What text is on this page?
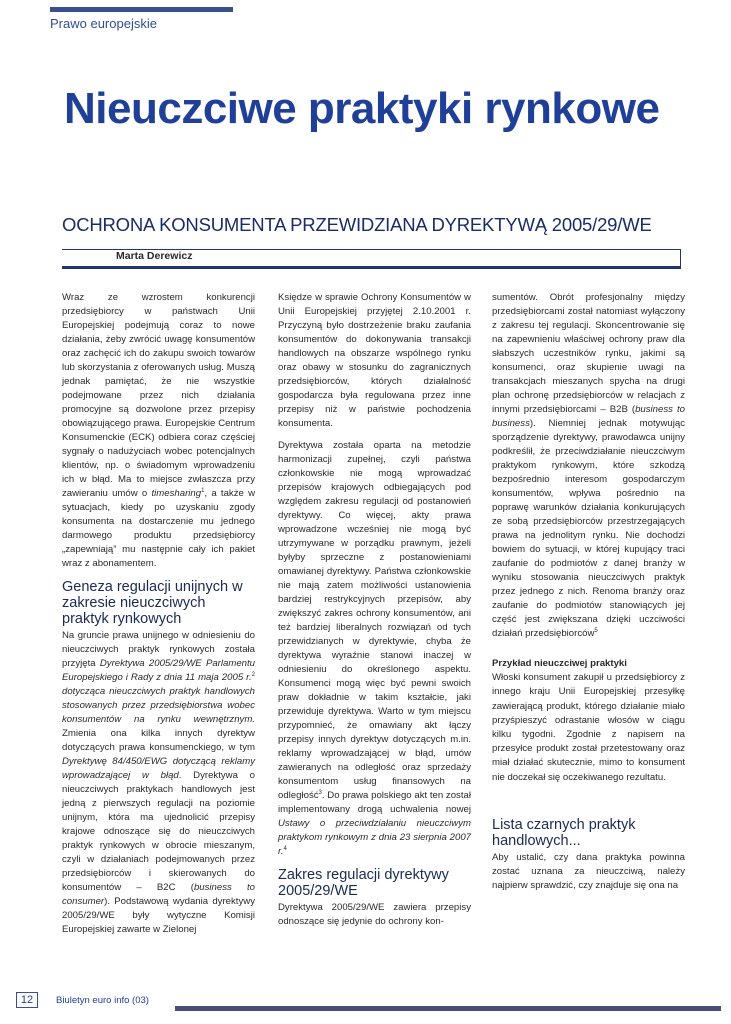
Prawo europejskie
Nieuczciwe praktyki rynkowe
OCHRONA KONSUMENTA PRZEWIDZIANA DYREKTYWĄ 2005/29/WE
Marta Derewicz

Wraz ze wzrostem konkurencji przedsiębiorcy w państwach Unii Europejskiej podejmują coraz to nowe działania, żeby zwrócić uwagę konsumentów oraz zachęcić ich do zakupu swoich towarów lub skorzystania z oferowanych usług. Muszą jednak pamiętać, że nie wszystkie podejmowane przez nich działania promocyjne są dozwolone przez przepisy obowiązującego prawa. Europejskie Centrum Konsumenckie (ECK) odbiera coraz częściej sygnały o nadużyciach wobec potencjalnych klientów, np. o świadomym wprowadzeniu ich w błąd. Ma to miejsce zwłaszcza przy zawieraniu umów o timesharing$^1$, a także w sytuacjach, kiedy po uzyskaniu zgody konsumenta na dostarczenie mu jednego darmowego produktu przedsiębiorcy „zapewniają” mu następnie cały ich pakiet wraz z abonamentem.

Geneza regulacji unijnych w zakresie nieuczciwych praktyk rynkowych

Na gruncie prawa unijnego w odniesieniu do nieuczciwych praktyk rynkowych została przyjęta Dyrektywa 2005/29/WE Parlamentu Europejskiego i Rady z dnia 11 maja 2005 r.$^2$ dotycząca nieuczciwych praktyk handlowych stosowanych przez przedsiębiorstwa wobec konsumentów na rynku wewnętrznym. Zmienia ona kilka innych dyrektyw dotyczących prawa konsumenckiego, w tym Dyrektywę 84/450/EWG dotyczącą reklamy wprowadzającej w błąd. Dyrektywa o nieuczciwych praktykach handlowych jest jedną z pierwszych regulacji na poziomie unijnym, która ma ujednolicić przepisy krajowe odnoszące się do nieuczciwych praktyk rynkowych w obrocie mieszanym, czyli w działaniach podejmowanych przez przedsiębiorców i skierowanych do konsumentów – B2C (business to consumer). Podstawową wydania dyrektywy 2005/29/WE były wytyczne Komisji Europejskiej zawarte w Zielonej

Księdze w sprawie Ochrony Konsumentów w Unii Europejskiej przyjętej 2.10.2001 r. Przyczyną było dostrzeżenie braku zaufania konsumentów do dokonywania transakcji handlowych na obszarze wspólnego rynku oraz obawy w stosunku do zagranicznych przedsiębiorców, których działalność gospodarcza była regulowana przez inne przepisy niż w państwie pochodzenia konsumenta.

Dyrektywa została oparta na metodzie harmonizacji zupełnej, czyli państwa członkowskie nie mogą wprowadzać przepisów krajowych odbiegających pod względem zakresu regulacji od postanowień dyrektywy. Co więcej, akty prawa wprowadzone wcześniej nie mogą być utrzymywane w porządku prawnym, jeżeli byłyby sprzeczne z postanowieniami omawianej dyrektywy. Państwa członkowskie nie mają zatem możliwości ustanowienia bardziej restrykcyjnych przepisów, aby zwiększyć zakres ochrony konsumentów, ani też bardziej liberalnych rozwiązań od tych przewidzianych w dyrektywie, chyba że dyrektywa wyraźnie stanowi inaczej w odniesieniu do określonego aspektu. Konsumenci mogą więc być pewni swoich praw dokładnie w takim kształcie, jaki przewiduje dyrektywa. Warto w tym miejscu przypomnieć, że omawiany akt łączy przepisy innych dyrektyw dotyczących m.in. reklamy wprowadzającej w błąd, umów zawieranych na odległość oraz sprzedaży konsumentom usług finansowych na odległość$^3$. Do prawa polskiego akt ten został implementowany drogą uchwalenia nowej Ustawy o przeciwdziałaniu nieuczciwym praktykom rynkowym z dnia 23 sierpnia 2007 r.$^4$

Zakres regulacji dyrektywy 2005/29/WE

Dyrektywa 2005/29/WE zawiera przepisy odnoszące się jedynie do ochrony kon-

sumentów. Obrót profesjonalny między przedsiębiorcami został natomiast wyłączony z zakresu tej regulacji. Skoncentrowanie się na zapewnieniu właściwej ochrony praw dla słabszych uczestników rynku, jakimi są konsumenci, oraz skupienie uwagi na transakcjach mieszanych spycha na drugi plan ochronę przedsiębiorców w relacjach z innymi przedsiębiorcami – B2B (business to business). Niemniej jednak motywując sporządzenie dyrektywy, prawodawca unijny podkreślił, że przeciwdziałanie nieuczciwym praktykom rynkowym, które szkodzą bezpośrednio interesom gospodarczym konsumentów, wpływa pośrednio na poprawę warunków działania konkurujących ze sobą przedsiębiorców przestrzegających prawa na jednolitym rynku. Nie dochodzi bowiem do sytuacji, w której kupujący traci zaufanie do podmiotów z danej branży w wyniku stosowania nieuczciwych praktyk przez jednego z nich. Renoma branży oraz zaufanie do podmiotów stanowiących jej część jest zwiększana dzięki uczciwości działań przedsiębiorców$^5$

Przykład nieuczciwej praktyki
Włoski konsument zakupił u przedsiębiorcy z innego kraju Unii Europejskiej przesyłkę zawierającą produkt, którego działanie miało przyśpieszyć odrastanie włosów w ciągu kilku tygodni. Zgodnie z napisem na przesyłce produkt został przetestowany oraz miał działać skutecznie, mimo to konsument nie doczekał się oczekiwanego rezultatu.
Lista czarnych praktyk handlowych...

Aby ustalić, czy dana praktyka powinna zostać uznana za nieuczciwą, należy najpierw sprawdzić, czy znajduje się ona na

12	Biuletyn euro info (03)
